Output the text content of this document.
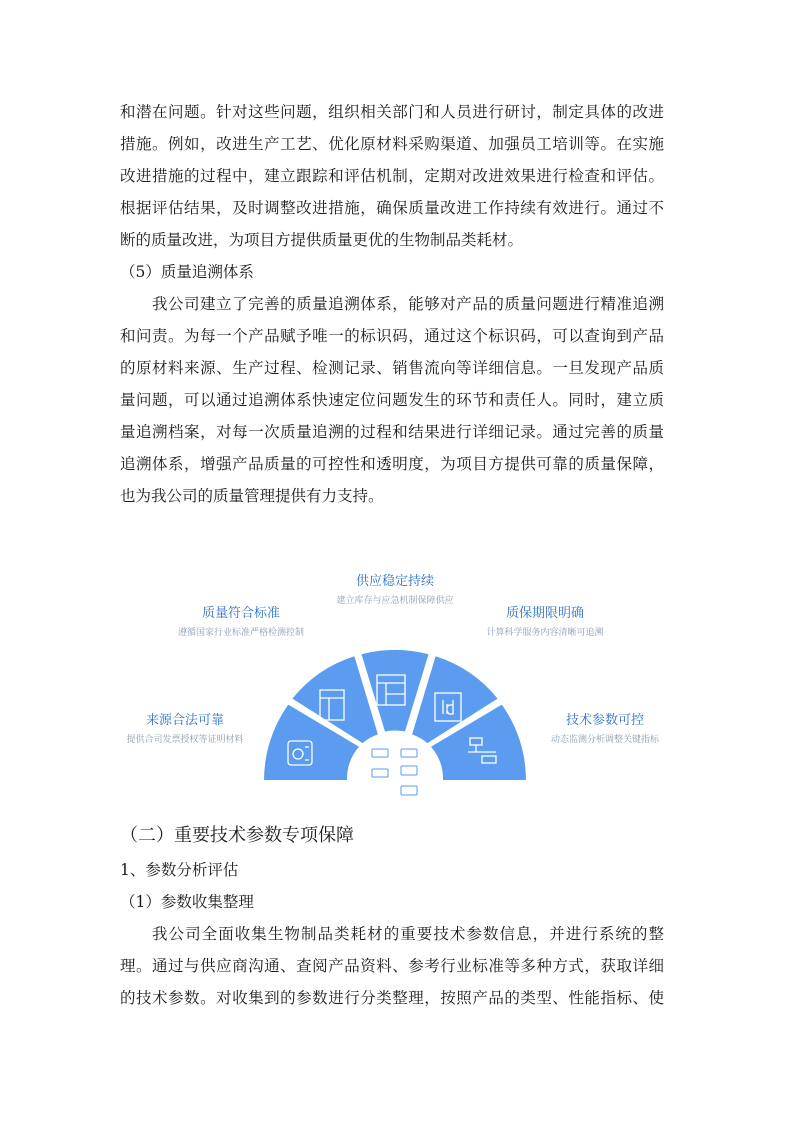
和潜在问题。针对这些问题，组织相关部门和人员进行研讨，制定具体的改进
措施。例如，改进生产工艺、优化原材料采购渠道、加强员工培训等。在实施
改进措施的过程中，建立跟踪和评估机制，定期对改进效果进行检查和评估。
根据评估结果，及时调整改进措施，确保质量改进工作持续有效进行。通过不
断的质量改进，为项目方提供质量更优的生物制品类耗材。
（5）质量追溯体系
我公司建立了完善的质量追溯体系，能够对产品的质量问题进行精准追溯
和问责。为每一个产品赋予唯一的标识码，通过这个标识码，可以查询到产品
的原材料来源、生产过程、检测记录、销售流向等详细信息。一旦发现产品质
量问题，可以通过追溯体系快速定位问题发生的环节和责任人。同时，建立质
量追溯档案，对每一次质量追溯的过程和结果进行详细记录。通过完善的质量
追溯体系，增强产品质量的可控性和透明度，为项目方提供可靠的质量保障，
也为我公司的质量管理提供有力支持。
来源合法可靠
提供合司发票授权等证明材料
质量符合标准
遵循国家行业标准严格检测控制
供应稳定持续
建立库存与应急机制保障供应
质保期限明确
计算科学服务内容清晰可追溯
技术参数可控
动态监测分析调整关键指标
（二）重要技术参数专项保障
1、参数分析评估
（1）参数收集整理
我公司全面收集生物制品类耗材的重要技术参数信息，并进行系统的整
理。通过与供应商沟通、查阅产品资料、参考行业标准等多种方式，获取详细
的技术参数。对收集到的参数进行分类整理，按照产品的类型、性能指标、使
